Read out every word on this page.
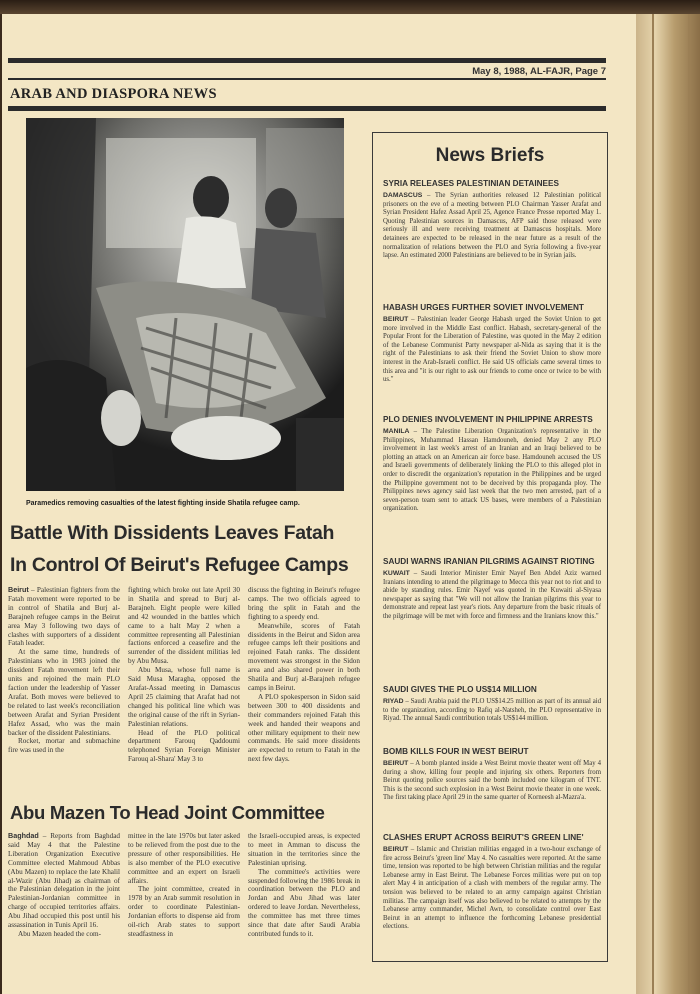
May 8, 1988, AL-FAJR, Page 7
ARAB AND DIASPORA NEWS
Paramedics removing casualties of the latest fighting inside Shatila refugee camp.
Battle With Dissidents Leaves Fatah
In Control Of Beirut's Refugee Camps

Beirut – Palestinian fighters from the Fatah movement were reported to be in control of Shatila and Burj al-Barajneh refugee camps in the Beirut area May 3 following two days of clashes with supporters of a dissident Fatah leader.

At the same time, hundreds of Palestinians who in 1983 joined the dissident Fatah movement left their units and rejoined the main PLO faction under the leadership of Yasser Arafat. Both moves were believed to be related to last week's reconciliation between Arafat and Syrian President Hafez Assad, who was the main backer of the dissident Palestinians.

Rocket, mortar and submachine fire was used in the

fighting which broke out late April 30 in Shatila and spread to Burj al-Barajneh. Eight people were killed and 42 wounded in the battles which came to a halt May 2 when a committee representing all Palestinian factions enforced a ceasefire and the surrender of the dissident militias led by Abu Musa.

Abu Musa, whose full name is Said Musa Maragha, opposed the Arafat-Assad meeting in Damascus April 25 claiming that Arafat had not changed his political line which was the original cause of the rift in Syrian-Palestinian relations.

Head of the PLO political department Farouq Qaddoumi telephoned Syrian Foreign Minister Farouq al-Shara' May 3 to

discuss the fighting in Beirut's refugee camps. The two officials agreed to bring the split in Fatah and the fighting to a speedy end.

Meanwhile, scores of Fatah dissidents in the Beirut and Sidon area refugee camps left their positions and rejoined Fatah ranks. The dissident movement was strongest in the Sidon area and also shared power in both Shatila and Burj al-Barajneh refugee camps in Beirut.

A PLO spokesperson in Sidon said between 300 to 400 dissidents and their commanders rejoined Fatah this week and handed their weapons and other military equipment to their new commands. He said more dissidents are expected to return to Fatah in the next few days.

Abu Mazen To Head Joint Committee

Baghdad – Reports from Baghdad said May 4 that the Palestine Liberation Organization Executive Committee elected Mahmoud Abbas (Abu Mazen) to replace the late Khalil al-Wazir (Abu Jihad) as chairman of the Palestinian delegation in the joint Palestinian-Jordanian committee in charge of occupied territories affairs. Abu Jihad occupied this post until his assassination in Tunis April 16.

Abu Mazen headed the com-

mittee in the late 1970s but later asked to be relieved from the post due to the pressure of other responsibilities. He is also member of the PLO executive committee and an expert on Israeli affairs.

The joint committee, created in 1978 by an Arab summit resolution in order to coordinate Palestinian-Jordanian efforts to dispense aid from oil-rich Arab states to support steadfastness in

the Israeli-occupied areas, is expected to meet in Amman to discuss the situation in the territories since the Palestinian uprising.

The committee's activities were suspended following the 1986 break in coordination between the PLO and Jordan and Abu Jihad was later ordered to leave Jordan. Nevertheless, the committee has met three times since that date after Saudi Arabia contributed funds to it.

News Briefs
SYRIA RELEASES PALESTINIAN DETAINEES
DAMASCUS – The Syrian authorities released 12 Palestinian political prisoners on the eve of a meeting between PLO Chairman Yasser Arafat and Syrian President Hafez Assad April 25, Agence France Presse reported May 1. Quoting Palestinian sources in Damascus, AFP said those released were seriously ill and were receiving treatment at Damascus hospitals. More detainees are expected to be released in the near future as a result of the normalization of relations between the PLO and Syria following a five-year lapse. An estimated 2000 Palestinians are believed to be in Syrian jails.
HABASH URGES FURTHER SOVIET INVOLVEMENT
BEIRUT – Palestinian leader George Habash urged the Soviet Union to get more involved in the Middle East conflict. Habash, secretary-general of the Popular Front for the Liberation of Palestine, was quoted in the May 2 edition of the Lebanese Communist Party newspaper al-Nida as saying that it is the right of the Palestinians to ask their friend the Soviet Union to show more interest in the Arab-Israeli conflict. He said US officials came several times to this area and "it is our right to ask our friends to come once or twice to be with us."
PLO DENIES INVOLVEMENT IN PHILIPPINE ARRESTS
MANILA – The Palestine Liberation Organization's representative in the Philippines, Muhammad Hassan Hamdouneh, denied May 2 any PLO involvement in last week's arrest of an Iranian and an Iraqi believed to be plotting an attack on an American air force base. Hamdouneh accused the US and Israeli governments of deliberately linking the PLO to this alleged plot in order to discredit the organization's reputation in the Philippines and be urged the Philippine government not to be deceived by this propaganda ploy. The Philippines news agency said last week that the two men arrested, part of a seven-person team sent to attack US bases, were members of a Palestinian organization.
SAUDI WARNS IRANIAN PILGRIMS AGAINST RIOTING
KUWAIT – Saudi Interior Minister Emir Nayef Ben Abdel Aziz warned Iranians intending to attend the pilgrimage to Mecca this year not to riot and to abide by standing rules. Emir Nayef was quoted in the Kuwaiti al-Siyasa newspaper as saying that "We will not allow the Iranian pilgrims this year to demonstrate and repeat last year's riots. Any departure from the basic rituals of the pilgrimage will be met with force and firmness and the Iranians know this."
SAUDI GIVES THE PLO US$14 MILLION
RIYAD – Saudi Arabia paid the PLO US$14.25 million as part of its annual aid to the organization, according to Rafiq al-Natsheh, the PLO representative in Riyad. The annual Saudi contribution totals US$144 million.
BOMB KILLS FOUR IN WEST BEIRUT
BEIRUT – A bomb planted inside a West Beirut movie theater went off May 4 during a show, killing four people and injuring six others. Reporters from Beirut quoting police sources said the bomb included one kilogram of TNT. This is the second such explosion in a West Beirut movie theater in one week. The first taking place April 29 in the same quarter of Korneesh al-Mazra'a.
CLASHES ERUPT ACROSS BEIRUT'S GREEN LINE'
BEIRUT – Islamic and Christian militias engaged in a two-hour exchange of fire across Beirut's 'green line' May 4. No casualties were reported. At the same time, tension was reported to be high between Christian militias and the regular Lebanese army in East Beirut. The Lebanese Forces militias were put on top alert May 4 in anticipation of a clash with members of the regular army. The tension was believed to be related to an army campaign against Christian militias. The campaign itself was also believed to be related to attempts by the Lebanese army commander, Michel Awn, to consolidate control over East Beirut in an attempt to influence the forthcoming Lebanese presidential elections.
